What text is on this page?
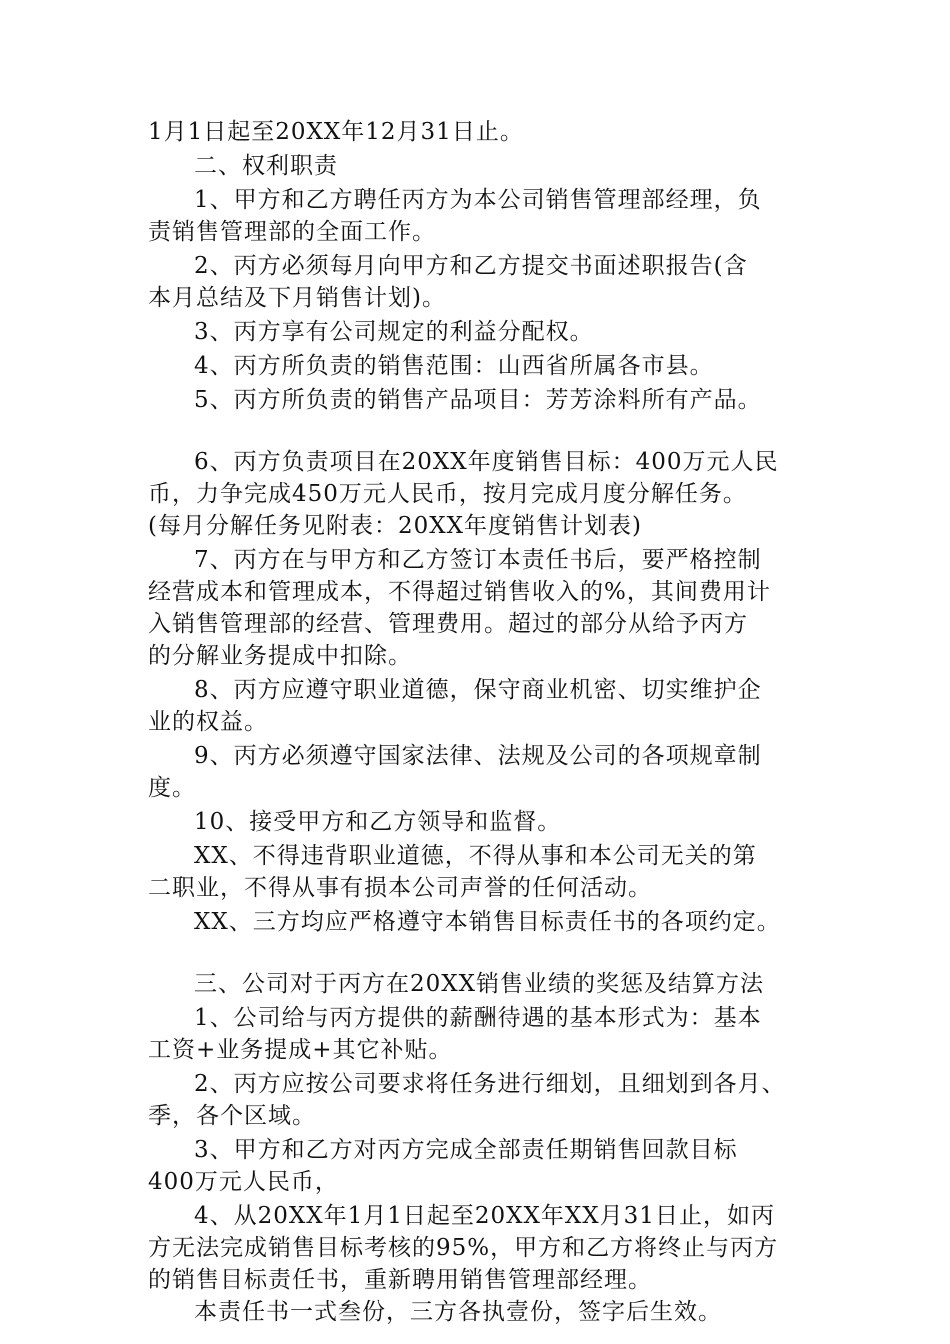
1月1日起至20XX年12月31日止。
二、权利职责
1、甲方和乙方聘任丙方为本公司销售管理部经理，负
责销售管理部的全面工作。
2、丙方必须每月向甲方和乙方提交书面述职报告(含
本月总结及下月销售计划)。
3、丙方享有公司规定的利益分配权。
4、丙方所负责的销售范围：山西省所属各市县。
5、丙方所负责的销售产品项目：芳芳涂料所有产品。
6、丙方负责项目在20XX年度销售目标：400万元人民
币，力争完成450万元人民币，按月完成月度分解任务。
(每月分解任务见附表：20XX年度销售计划表)
7、丙方在与甲方和乙方签订本责任书后，要严格控制
经营成本和管理成本，不得超过销售收入的%，其间费用计
入销售管理部的经营、管理费用。超过的部分从给予丙方
的分解业务提成中扣除。
8、丙方应遵守职业道德，保守商业机密、切实维护企
业的权益。
9、丙方必须遵守国家法律、法规及公司的各项规章制
度。
10、接受甲方和乙方领导和监督。
XX、不得违背职业道德，不得从事和本公司无关的第
二职业，不得从事有损本公司声誉的任何活动。
XX、三方均应严格遵守本销售目标责任书的各项约定。
三、公司对于丙方在20XX销售业绩的奖惩及结算方法
1、公司给与丙方提供的薪酬待遇的基本形式为：基本
工资+业务提成+其它补贴。
2、丙方应按公司要求将任务进行细划，且细划到各月、
季，各个区域。
3、甲方和乙方对丙方完成全部责任期销售回款目标
400万元人民币，
4、从20XX年1月1日起至20XX年XX月31日止，如丙
方无法完成销售目标考核的95%，甲方和乙方将终止与丙方
的销售目标责任书，重新聘用销售管理部经理。
本责任书一式叁份，三方各执壹份，签字后生效。
